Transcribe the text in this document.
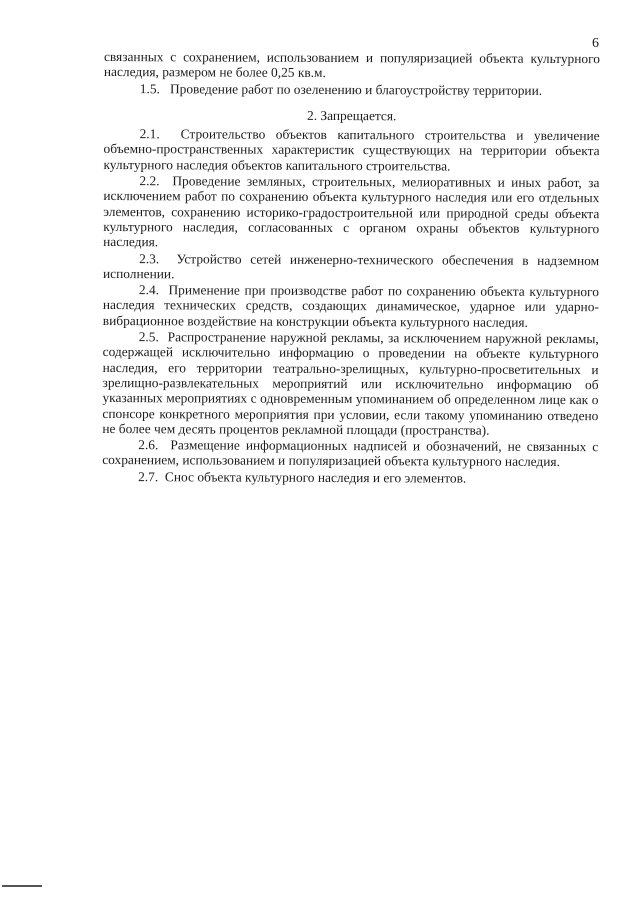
6

связанных с сохранением, использованием и популяризацией объекта культурного наследия, размером не более 0,25 кв.м.

1.5. Проведение работ по озеленению и благоустройству территории.

2. Запрещается.

2.1. Строительство объектов капитального строительства и увеличение объемно-пространственных характеристик существующих на территории объекта культурного наследия объектов капитального строительства.

2.2. Проведение земляных, строительных, мелиоративных и иных работ, за исключением работ по сохранению объекта культурного наследия или его отдельных элементов, сохранению историко-градостроительной или природной среды объекта культурного наследия, согласованных с органом охраны объектов культурного наследия.

2.3. Устройство сетей инженерно-технического обеспечения в надземном исполнении.

2.4. Применение при производстве работ по сохранению объекта культурного наследия технических средств, создающих динамическое, ударное или ударно-вибрационное воздействие на конструкции объекта культурного наследия.

2.5. Распространение наружной рекламы, за исключением наружной рекламы, содержащей исключительно информацию о проведении на объекте культурного наследия, его территории театрально-зрелищных, культурно-просветительных и зрелищно-развлекательных мероприятий или исключительно информацию об указанных мероприятиях с одновременным упоминанием об определенном лице как о спонсоре конкретного мероприятия при условии, если такому упоминанию отведено не более чем десять процентов рекламной площади (пространства).

2.6. Размещение информационных надписей и обозначений, не связанных с сохранением, использованием и популяризацией объекта культурного наследия.

2.7. Снос объекта культурного наследия и его элементов.
